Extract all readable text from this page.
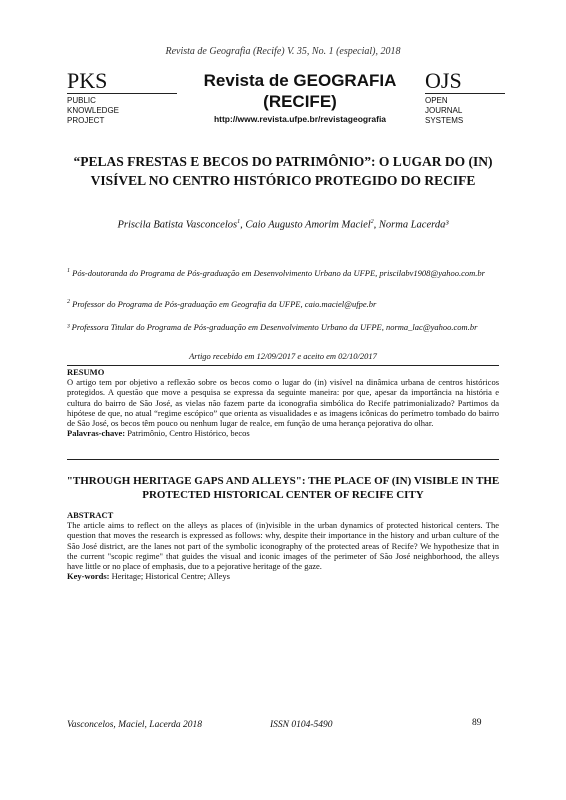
Revista de Geografia (Recife) V. 35, No. 1 (especial), 2018
PKS
PUBLIC
KNOWLEDGE
PROJECT
Revista de GEOGRAFIA
(RECIFE)
http://www.revista.ufpe.br/revistageografia
OJS
OPEN
JOURNAL
SYSTEMS
“PELAS FRESTAS E BECOS DO PATRIMÔNIO”: O LUGAR DO (IN) VISÍVEL NO CENTRO HISTÓRICO PROTEGIDO DO RECIFE
Priscila Batista Vasconcelos$^1$, Caio Augusto Amorim Maciel$^2$, Norma Lacerda³
$^1$ Pós-doutoranda do Programa de Pós-graduação em Desenvolvimento Urbano da UFPE, priscilabv1908@yahoo.com.br
$^2$ Professor do Programa de Pós-graduação em Geografia da UFPE, caio.maciel@ufpe.br
³ Professora Titular do Programa de Pós-graduação em Desenvolvimento Urbano da UFPE, norma_lac@yahoo.com.br
Artigo recebido em 12/09/2017 e aceito em 02/10/2017
RESUMO
O artigo tem por objetivo a reflexão sobre os becos como o lugar do (in) visível na dinâmica urbana de centros históricos protegidos. A questão que move a pesquisa se expressa da seguinte maneira: por que, apesar da importância na história e cultura do bairro de São José, as vielas não fazem parte da iconografia simbólica do Recife patrimonializado? Partimos da hipótese de que, no atual “regime escópico” que orienta as visualidades e as imagens icônicas do perímetro tombado do bairro de São José, os becos têm pouco ou nenhum lugar de realce, em função de uma herança pejorativa do olhar.
Palavras-chave: Patrimônio, Centro Histórico, becos
"THROUGH HERITAGE GAPS AND ALLEYS": THE PLACE OF (IN) VISIBLE IN THE PROTECTED HISTORICAL CENTER OF RECIFE CITY
ABSTRACT
The article aims to reflect on the alleys as places of (in)visible in the urban dynamics of protected historical centers. The question that moves the research is expressed as follows: why, despite their importance in the history and urban culture of the São José district, are the lanes not part of the symbolic iconography of the protected areas of Recife? We hypothesize that in the current "scopic regime" that guides the visual and iconic images of the perimeter of São José neighborhood, the alleys have little or no place of emphasis, due to a pejorative heritage of the gaze.
Key-words: Heritage; Historical Centre; Alleys
Vasconcelos, Maciel, Lacerda 2018	ISSN 0104-5490	89
